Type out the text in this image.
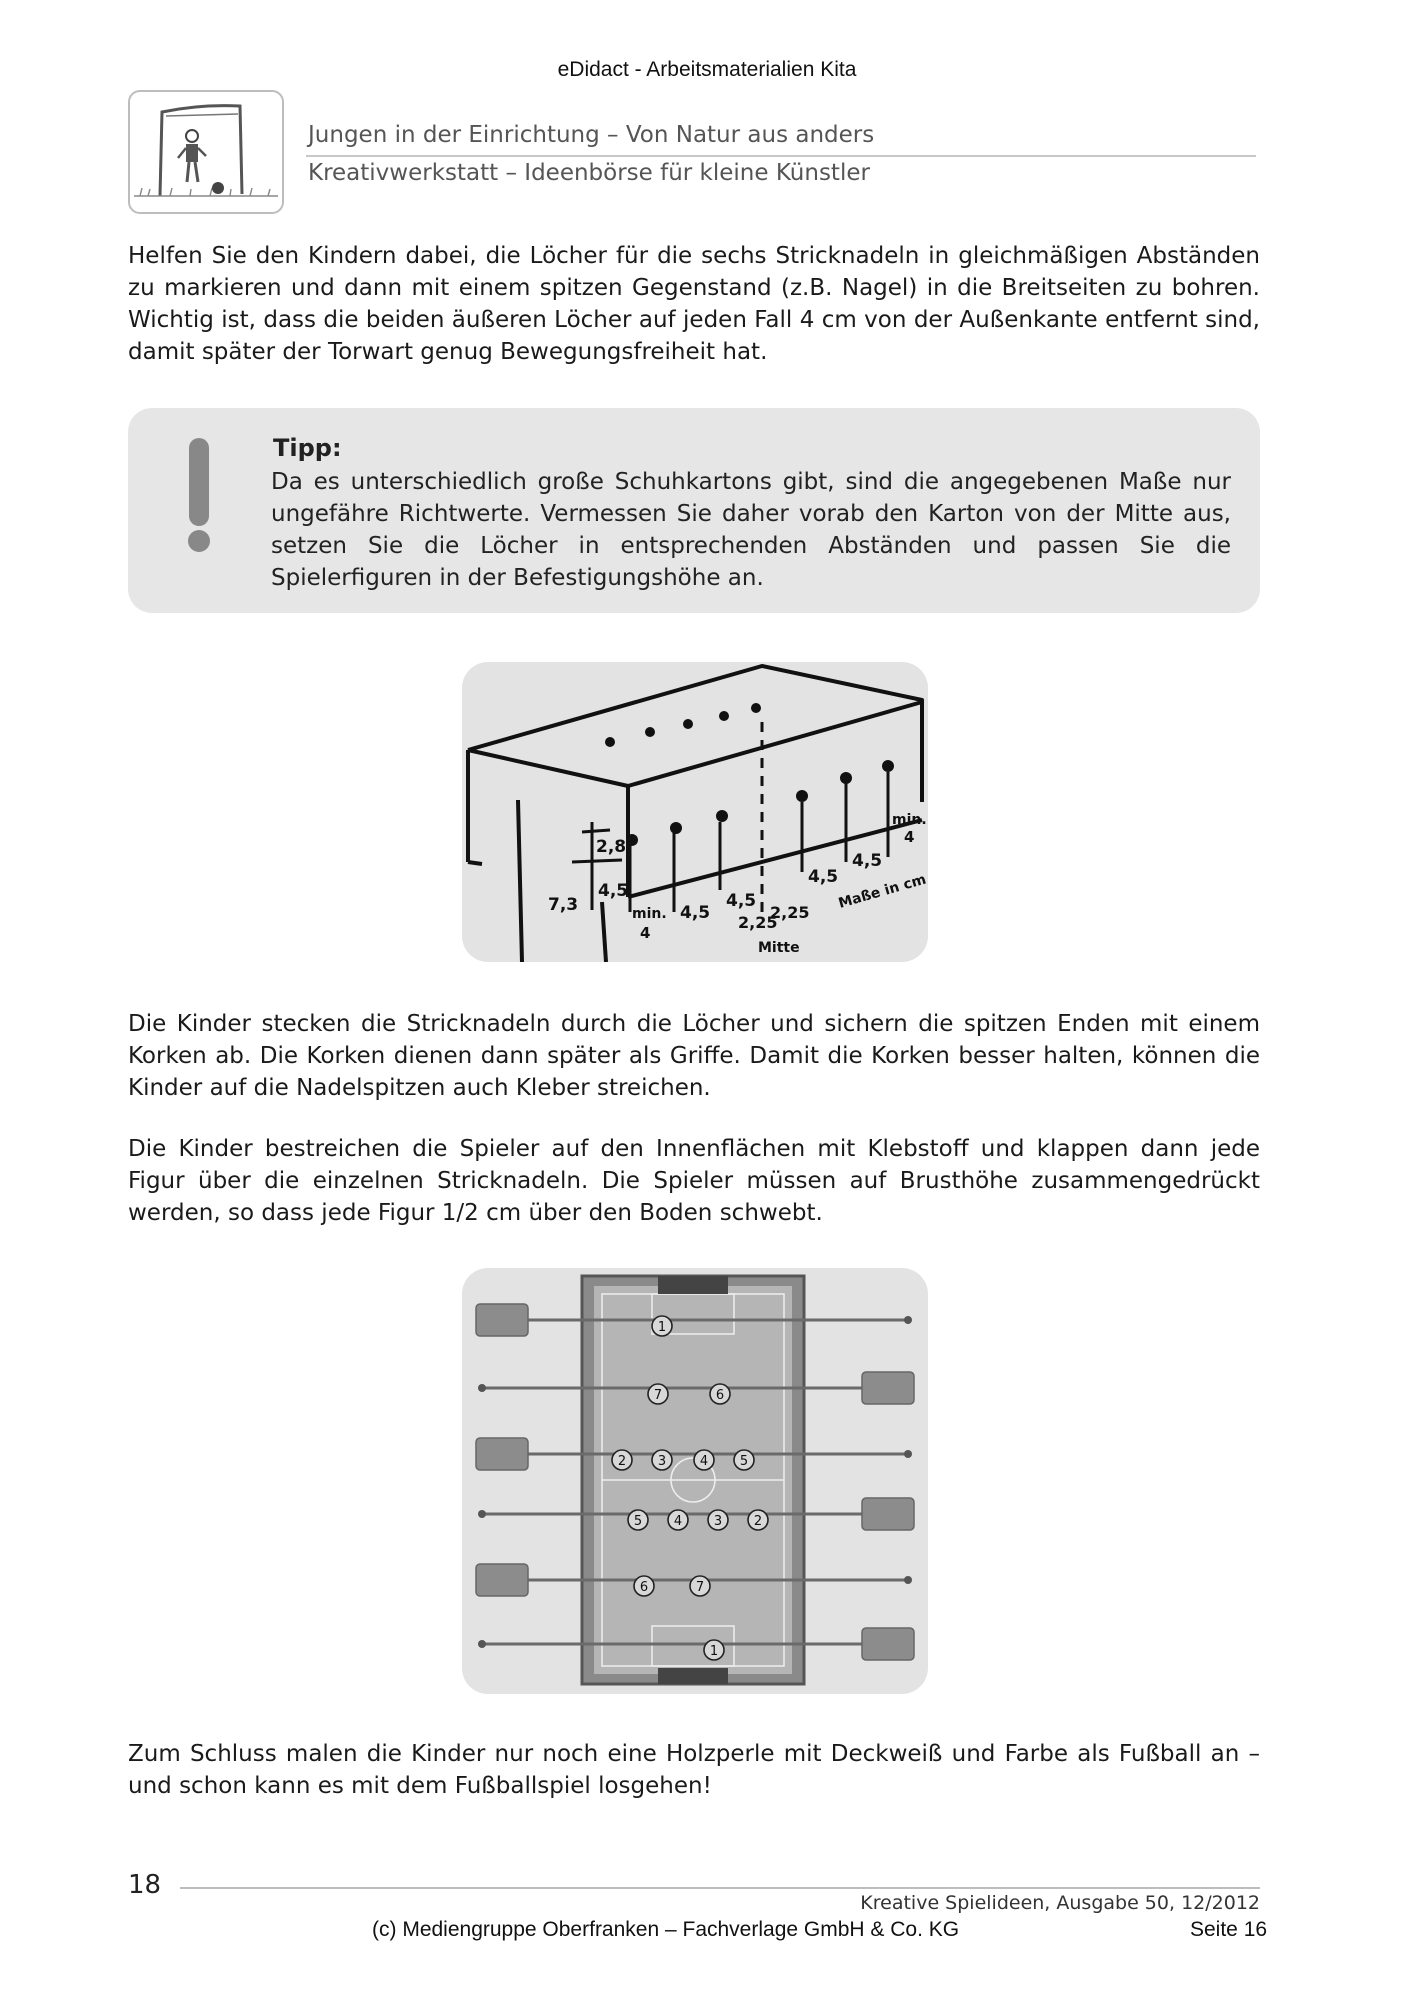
eDidact - Arbeitsmaterialien Kita
Jungen in der Einrichtung – Von Natur aus anders
Kreativwerkstatt – Ideenbörse für kleine Künstler
Helfen Sie den Kindern dabei, die Löcher für die sechs Stricknadeln in gleichmäßigen Abständen zu markieren und dann mit einem spitzen Gegenstand (z.B. Nagel) in die Breitseiten zu bohren. Wichtig ist, dass die beiden äußeren Löcher auf jeden Fall 4 cm von der Außenkante entfernt sind, damit später der Torwart genug Bewegungsfreiheit hat.
Tipp:
Da es unterschiedlich große Schuhkartons gibt, sind die angegebenen Maße nur ungefähre Richtwerte. Vermessen Sie daher vorab den Karton von der Mitte aus, setzen Sie die Löcher in entsprechenden Abständen und passen Sie die Spielerfiguren in der Befestigungshöhe an.
2,8
4,5
7,3	min.
4
4,5
4,5
2,25
2,25
Mitte
4,5
4,5
min.
4
Maße in cm
Die Kinder stecken die Stricknadeln durch die Löcher und sichern die spitzen Enden mit einem Korken ab. Die Korken dienen dann später als Griffe. Damit die Korken besser halten, können die Kinder auf die Nadelspitzen auch Kleber streichen.
Die Kinder bestreichen die Spieler auf den Innenflächen mit Klebstoff und klappen dann jede Figur über die einzelnen Stricknadeln. Die Spieler müssen auf Brusthöhe zusammengedrückt werden, so dass jede Figur 1/2 cm über den Boden schwebt.
1
7	6
2 3	4 5
5 4 3 2
6	7
1
Zum Schluss malen die Kinder nur noch eine Holzperle mit Deckweiß und Farbe als Fußball an – und schon kann es mit dem Fußballspiel losgehen!
18
Kreative Spielideen, Ausgabe 50, 12/2012
(c) Mediengruppe Oberfranken – Fachverlage GmbH & Co. KG	Seite 16
